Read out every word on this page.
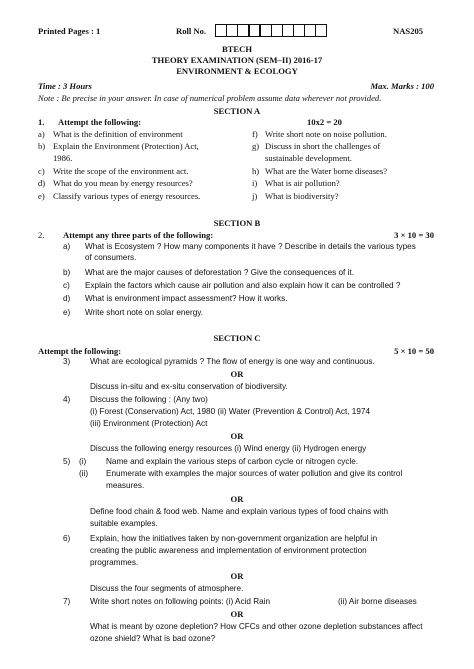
Printed Pages : 1	Roll No.	NAS205
BTECH
THEORY EXAMINATION (SEM–II) 2016-17
ENVIRONMENT & ECOLOGY
Time : 3 Hours	Max. Marks : 100
Note : Be precise in your answer. In case of numerical problem assume data wherever not provided.
SECTION A
1. Attempt the following:	10x2 = 20
a) What is the definition of environment
b) Explain the Environment (Protection) Act,
1986.
c) Write the scope of the environment act.
d) What do you mean by energy resources?
e) Classify various types of energy resources.
f) Write short note on noise pollution.
g) Discuss in short the challenges of
sustainable development.
h) What are the Water borne diseases?
i) What is air pollution?
j) What is biodiversity?
SECTION B
2. Attempt any three parts of the following:	3 × 10 = 30
a) What is Ecosystem ? How many components it have ? Describe in details the various types
of consumers.
b) What are the major causes of deforestation ? Give the consequences of it.
c) Explain the factors which cause air pollution and also explain how it can be controlled ?
d) What is environment impact assessment? How it works.
e) Write short note on solar energy.
SECTION C
Attempt the following:	5 × 10 = 50
3) What are ecological pyramids ? The flow of energy is one way and continuous.
OR
Discuss in-situ and ex-situ conservation of biodiversity.
4) Discuss the following : (Any two)
(i) Forest (Conservation) Act, 1980 (ii) Water (Prevention & Control) Act, 1974
(iii) Environment (Protection) Act
OR
Discuss the following energy resources (i) Wind energy (ii) Hydrogen energy
5) (i) Name and explain the various steps of carbon cycle or nitrogen cycle.
(ii) Enumerate with examples the major sources of water pollution and give its control
measures.
OR
Define food chain & food web. Name and explain various types of food chains with
suitable examples.
6) Explain, how the initiatives taken by non-government organization are helpful in
creating the public awareness and implementation of environment protection
programmes.
OR
Discuss the four segments of atmosphere.
7) Write short notes on following points: (i) Acid Rain	(ii) Air borne diseases
OR
What is meant by ozone depletion? How CFCs and other ozone depletion substances affect
ozone shield? What is bad ozone?
